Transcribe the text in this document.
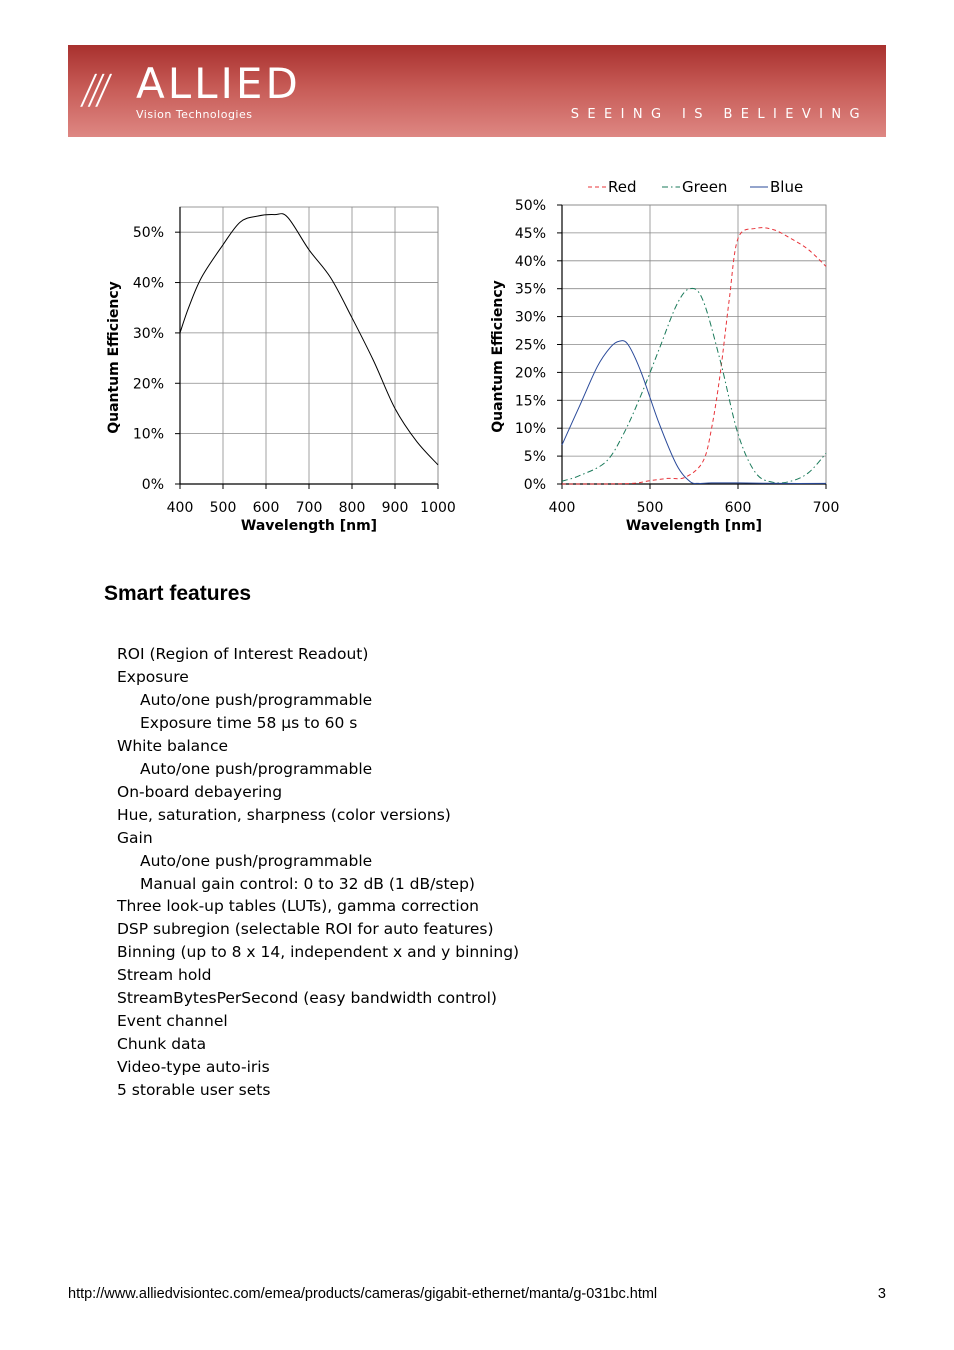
/// ALLIED
Vision Technologies	SEEING IS BELIEVING
0%
10%
20%
30%
40%
50%
400 500 600 700 800 900 1000
Wavelength [nm]
Quantum Efficiency
0%
5%
10%
15%
20%
25%
30%
35%
40%
45%
50%
400	500	600	700
Wavelength [nm]
Quantum Efficiency
Red	Green	Blue
Smart features
ROI (Region of Interest Readout)
Exposure
Auto/one push/programmable
Exposure time 58 µs to 60 s
White balance
Auto/one push/programmable
On-board debayering
Hue, saturation, sharpness (color versions)
Gain
Auto/one push/programmable
Manual gain control: 0 to 32 dB (1 dB/step)
Three look-up tables (LUTs), gamma correction
DSP subregion (selectable ROI for auto features)
Binning (up to 8 x 14, independent x and y binning)
Stream hold
StreamBytesPerSecond (easy bandwidth control)
Event channel
Chunk data
Video-type auto-iris
5 storable user sets
http://www.alliedvisiontec.com/emea/products/cameras/gigabit-ethernet/manta/g-031bc.html	3
